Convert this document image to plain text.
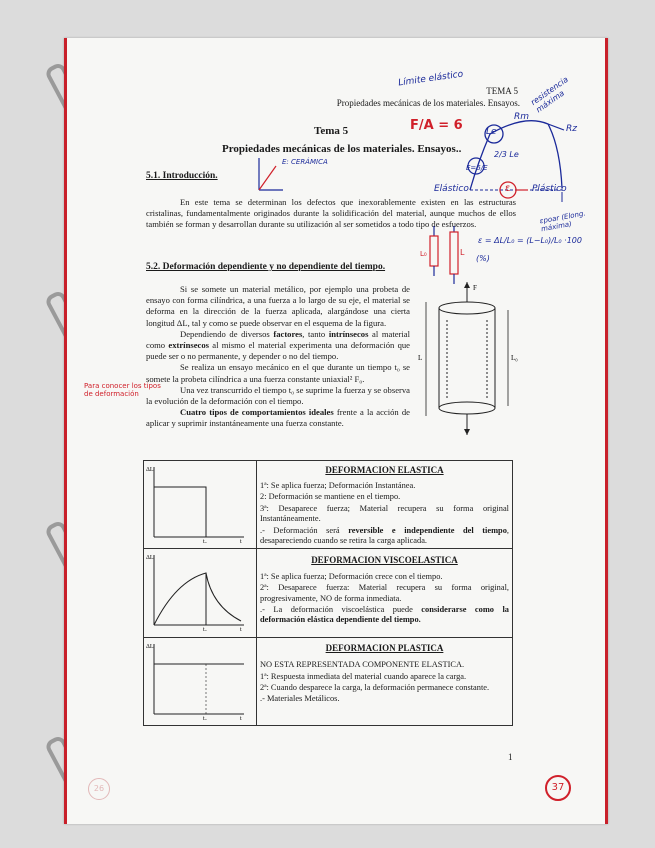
TEMA 5
Propiedades mecánicas de los materiales. Ensayos.
Tema 5
Propiedades mecánicas de los materiales. Ensayos..
5.1. Introducción.
En este tema se determinan los defectos que inexorablemente existen en las estructuras cristalinas, fundamentalmente originados durante la solidificación del material, aunque muchos de ellos también se forman y desarrollan durante su utilización al ser sometidos a todo tipo de esfuerzos.
5.2. Deformación dependiente y no dependiente del tiempo.
Si se somete un material metálico, por ejemplo una probeta de ensayo con forma cilíndrica, a una fuerza a lo largo de su eje, el material se deforma en la dirección de la fuerza aplicada, alargándose una cierta longitud ΔL, tal y como se puede observar en el esquema de la figura.
Dependiendo de diversos factores, tanto intrínsecos al material como extrínsecos al mismo el material experimenta una deformación que puede ser o no permanente, y depender o no del tiempo.
Se realiza un ensayo mecánico en el que durante un tiempo t₀ se somete la probeta cilíndrica a una fuerza constante uniaxial² F₀.
Una vez transcurrido el tiempo t₀ se suprime la fuerza y se observa la evolución de la deformación con el tiempo.
Cuatro tipos de comportamientos ideales frente a la acción de aplicar y suprimir instantáneamente una fuerza constante.
F
L	L₀
ΔL
t₀ t	DEFORMACION ELASTICA

	1ª: Se aplica fuerza; Deformación Instantánea.
2: Deformación se mantiene en el tiempo.
3ª: Desaparece fuerza; Material recupera su forma original Instantáneamente.
.- Deformación será reversible e independiente del tiempo, desapareciendo cuando se retira la carga aplicada.

ΔL
t₀ t	DEFORMACION VISCOELASTICA

	1ª: Se aplica fuerza; Deformación crece con el tiempo.
2ª: Desaparece fuerza: Material recupera su forma original, progresivamente, NO de forma inmediata.
.- La deformación viscoelástica puede considerarse como la deformación elástica dependiente del tiempo.

ΔL
t₀ t	DEFORMACION PLASTICA

	NO ESTA REPRESENTADA COMPONENTE ELASTICA.
1ª: Respuesta inmediata del material cuando aparece la carga.
2ª: Cuando desparece la carga, la deformación permanece constante.
.- Materiales Metálicos.
1
Límite elástico	resistencia máxima
F/A = 6
E: CERÁMICA
Le
Rm
Rz
2/3 Le
E=6/E
Elástico	ε Plástico
εpoar (Elong. máxima)
ε = ΔL/L₀ = (L−L₀)/L₀ ·100
(%)
L₀	L
Para conocer los tipos de deformación
37
26
